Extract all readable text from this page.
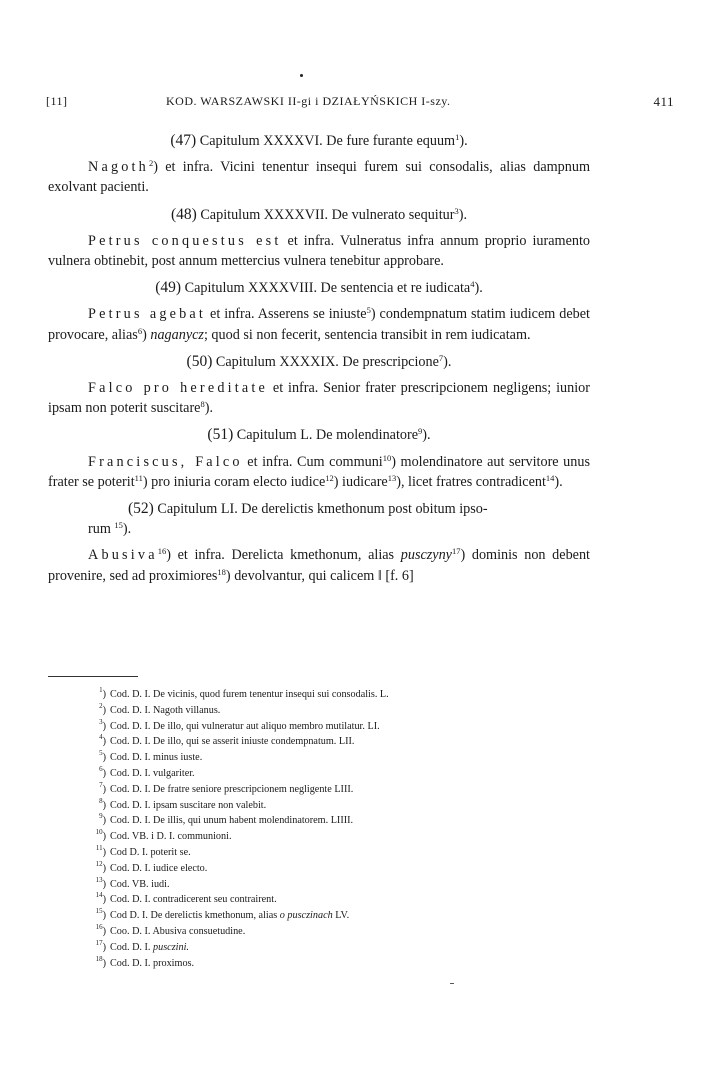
[11]	KOD. WARSZAWSKI II-gi i DZIAŁYŃSKICH I-szy.	411

(47) Capitulum XXXXVI. De fure furante equum$^1$).

Nagoth$^2$) et infra. Vicini tenentur insequi furem sui consodalis, alias dampnum exolvant pacienti.

(48) Capitulum XXXXVII. De vulnerato sequitur$^3$).

Petrus conquestus est et infra. Vulneratus infra annum proprio iuramento vulnera obtinebit, post annum mettercius vulnera tenebitur approbare.

(49) Capitulum XXXXVIII. De sentencia et re iudicata$^4$).

Petrus agebat et infra. Asserens se iniuste$^5$) condempnatum statim iudicem debet provocare, alias$^6$) naganycz; quod si non fecerit, sentencia transibit in rem iudicatam.

(50) Capitulum XXXXIX. De prescripcione$^7$).

Falco pro hereditate et infra. Senior frater prescripcionem negligens; iunior ipsam non poterit suscitare$^8$).

(51) Capitulum L. De molendinatore$^9$).

Franciscus, Falco et infra. Cum communi$^{10}$) molendinatore aut servitore unus frater se poterit$^{11}$) pro iniuria coram electo iudice$^{12}$) iudicare$^{13}$), licet fratres contradicent$^{14}$).

(52) Capitulum LI. De derelictis kmethonum post obitum ipso-
rum $^{15}$).

Abusiva$^{16}$) et infra. Derelicta kmethonum, alias pusczyny$^{17}$) dominis non debent provenire, sed ad proximiores$^{18}$) devolvantur, qui calicem ‖ [f. 6]

$^1$) Cod. D. I. De vicinis, quod furem tenentur insequi sui consodalis. L.
$^2$) Cod. D. I. Nagoth villanus.
$^3$) Cod. D. I. De illo, qui vulneratur aut aliquo membro mutilatur. LI.
$^4$) Cod. D. I. De illo, qui se asserit iniuste condempnatum. LII.
$^5$) Cod. D. I. minus iuste.
$^6$) Cod. D. I. vulgariter.
$^7$) Cod. D. I. De fratre seniore prescripcionem negligente LIII.
$^8$) Cod. D. I. ipsam suscitare non valebit.
$^9$) Cod. D. I. De illis, qui unum habent molendinatorem. LIIII.
$^{10}$) Cod. VB. i D. I. communioni.
$^{11}$) Cod D. I. poterit se.
$^{12}$) Cod. D. I. iudice electo.
$^{13}$) Cod. VB. iudi.
$^{14}$) Cod. D. I. contradicerent seu contrairent.
$^{15}$) Cod D. I. De derelictis kmethonum, alias o pusczinach LV.
$^{16}$) Coo. D. I. Abusiva consuetudine.
$^{17}$) Cod. D. I. pusczini.
$^{18}$) Cod. D. I. proximos.
